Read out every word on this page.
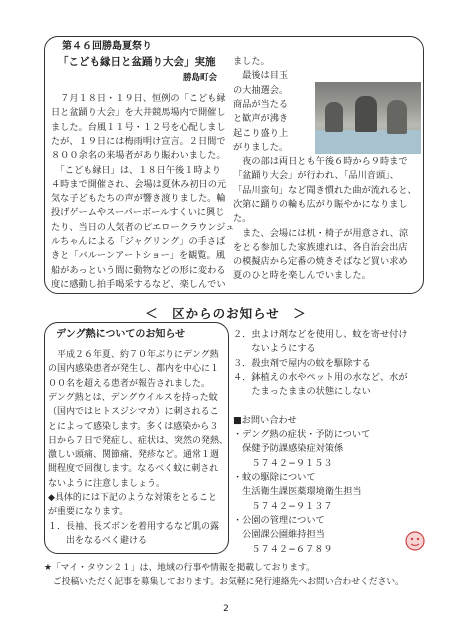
第４６回勝島夏祭り
「こども縁日と盆踊り大会」実施
勝島町会
　７月１８日・１９日、恒例の「こども縁
日と盆踊り大会」を大井競馬場内で開催し
ました。台風１１号・１２号を心配しまし
たが、１９日には梅雨明け宣言。２日間で
８００余名の来場者があり賑わいました。
　「こども縁日」は、１８日午後１時より
４時まで開催され、会場は夏休み初日の元
気な子どもたちの声が響き渡りました。輪
投げゲームやスーパーボールすくいに興じ
たり、当日の人気者のピエロークラウンジュ
ルちゃんによる「ジャグリング」の手さば
きと「バルーンアートショー」を観覧。風
船があっという間に動物などの形に変わる
度に感動し拍手喝采するなど、楽しんでい
ました。
　最後は目玉
の大抽選会。
商品が当たる
と歓声が沸き
起こり盛り上
がりました。
　夜の部は両日とも午後６時から９時まで
「盆踊り大会」が行われ、「品川音頭」、
「品川蛮句」など聞き慣れた曲が流れると、
次第に踊りの輪も広がり賑やかになりまし
た。
　また、会場には机・椅子が用意され、涼
をとる参加した家族連れは、各自治会出店
の模擬店から定番の焼きそばなど買い求め
夏のひと時を楽しんでいました。
＜　区からのお知らせ　＞
デング熱についてのお知らせ
　平成２６年夏、約７０年ぶりにデング熱
の国内感染患者が発生し、都内を中心に１
００名を超える患者が報告されました。
デング熱とは、デングウイルスを持った蚊
（国内ではヒトスジシマカ）に刺されるこ
とによって感染します。多くは感染から３
日から７日で発症し、症状は、突然の発熱、
激しい頭痛、関節痛、発疹など。通常１週
間程度で回復します。なるべく蚊に刺され
ないように注意しましょう。
◆具体的には下記のような対策をとること
が重要になります。
１．長袖、長ズボンを着用するなど肌の露
　　出をなるべく避ける
２．虫よけ剤などを使用し、蚊を寄せ付け
　　ないようにする
３．殺虫剤で屋内の蚊を駆除する
４．鉢植えの水やペット用の水など、水が
　　たまったままの状態にしない
■お問い合わせ
・デング熱の症状・予防について
　保健予防課感染症対策係
　　５７４２−９１５３
・蚊の駆除について
　生活衛生課医薬環境衛生担当
　　５７４２−９１３７
・公園の管理について
　公園課公園維持担当
　　５７４２−６７８９
★「マイ・タウン２１」は、地域の行事や情報を掲載しております。
　ご投稿いただく記事を募集しております。お気軽に発行連絡先へお問い合わせください。
2
